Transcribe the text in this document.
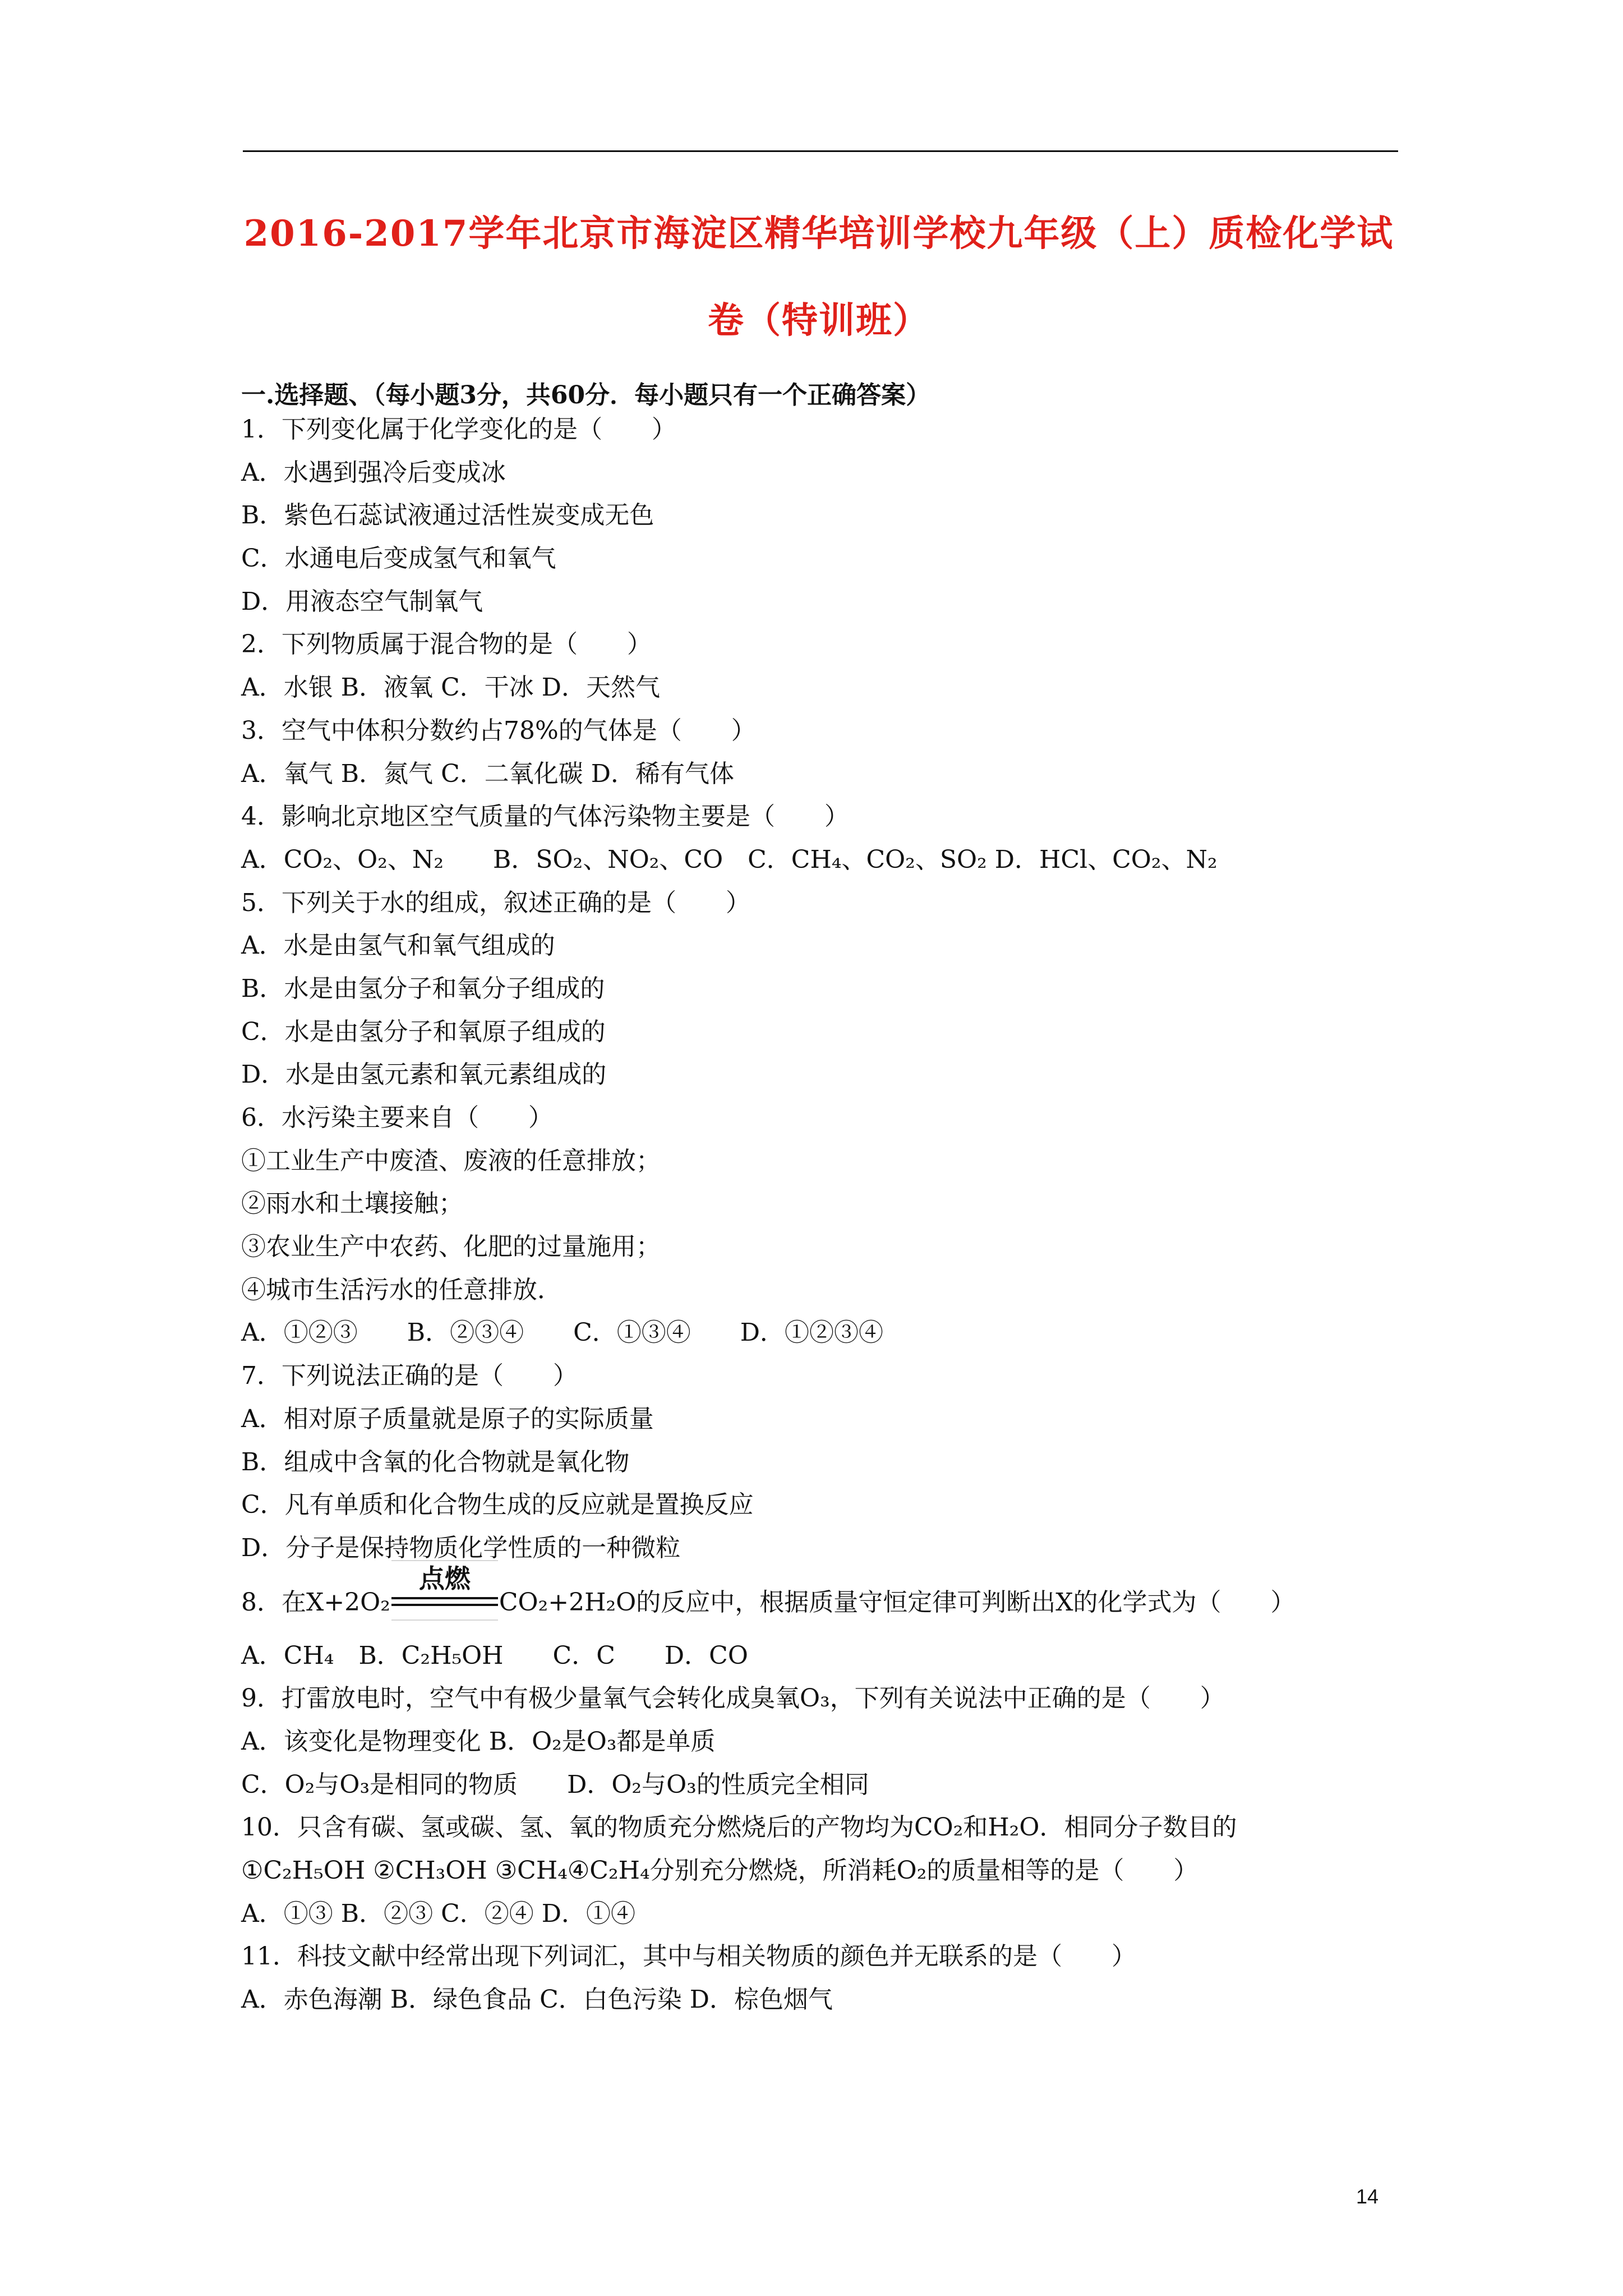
2016-2017学年北京市海淀区精华培训学校九年级（上）质检化学试
卷（特训班）
一.选择题、（每小题3分，共60分．每小题只有一个正确答案）
1．下列变化属于化学变化的是（　　）
A．水遇到强冷后变成冰
B．紫色石蕊试液通过活性炭变成无色
C．水通电后变成氢气和氧气
D．用液态空气制氧气
2．下列物质属于混合物的是（　　）
A．水银 B．液氧 C．干冰 D．天然气
3．空气中体积分数约占78%的气体是（　　）
A．氧气 B．氮气 C．二氧化碳 D．稀有气体
4．影响北京地区空气质量的气体污染物主要是（　　）
A．CO₂、O₂、N₂　　B．SO₂、NO₂、CO　C．CH₄、CO₂、SO₂ D．HCl、CO₂、N₂
5．下列关于水的组成，叙述正确的是（　　）
A．水是由氢气和氧气组成的
B．水是由氢分子和氧分子组成的
C．水是由氢分子和氧原子组成的
D．水是由氢元素和氧元素组成的
6．水污染主要来自（　　）
①工业生产中废渣、废液的任意排放；
②雨水和土壤接触；
③农业生产中农药、化肥的过量施用；
④城市生活污水的任意排放．
A．①②③　　B．②③④　　C．①③④　　D．①②③④
7．下列说法正确的是（　　）
A．相对原子质量就是原子的实际质量
B．组成中含氧的化合物就是氧化物
C．凡有单质和化合物生成的反应就是置换反应
D．分子是保持物质化学性质的一种微粒
8．在X+2O₂
点燃
CO₂+2H₂O的反应中，根据质量守恒定律可判断出X的化学式为（　　）
A．CH₄　B．C₂H₅OH　　C．C　　D．CO
9．打雷放电时，空气中有极少量氧气会转化成臭氧O₃，下列有关说法中正确的是（　　）
A．该变化是物理变化 B．O₂是O₃都是单质
C．O₂与O₃是相同的物质　　D．O₂与O₃的性质完全相同
10．只含有碳、氢或碳、氢、氧的物质充分燃烧后的产物均为CO₂和H₂O．相同分子数目的
①C₂H₅OH ②CH₃OH ③CH₄④C₂H₄分别充分燃烧，所消耗O₂的质量相等的是（　　）
A．①③ B．②③ C．②④ D．①④
11．科技文献中经常出现下列词汇，其中与相关物质的颜色并无联系的是（　　）
A．赤色海潮 B．绿色食品 C．白色污染 D．棕色烟气
14
